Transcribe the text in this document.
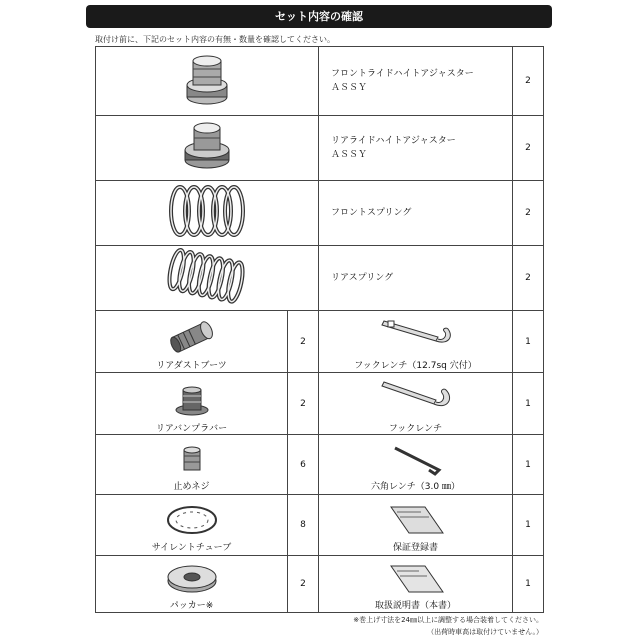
セット内容の確認
取付け前に、下記のセット内容の有無・数量を確認してください。
	フロントライドハイトアジャスター
ＡＳＳＹ	2
	リアライドハイトアジャスター
ＡＳＳＹ	2
	フロントスプリング	2
	リアスプリング	2

リアダストブーツ	2	フックレンチ（12.7sq 穴付）	1

リアバンプラバー	2	フックレンチ	1

止めネジ	6	六角レンチ（3.0 ㎜）	1

サイレントチューブ	8	保証登録書	1

パッカー※	2	取扱説明書（本書）	1
※巻上げ寸法を24㎜以上に調整する場合装着してください。
（出荷時車高は取付けていません。）
